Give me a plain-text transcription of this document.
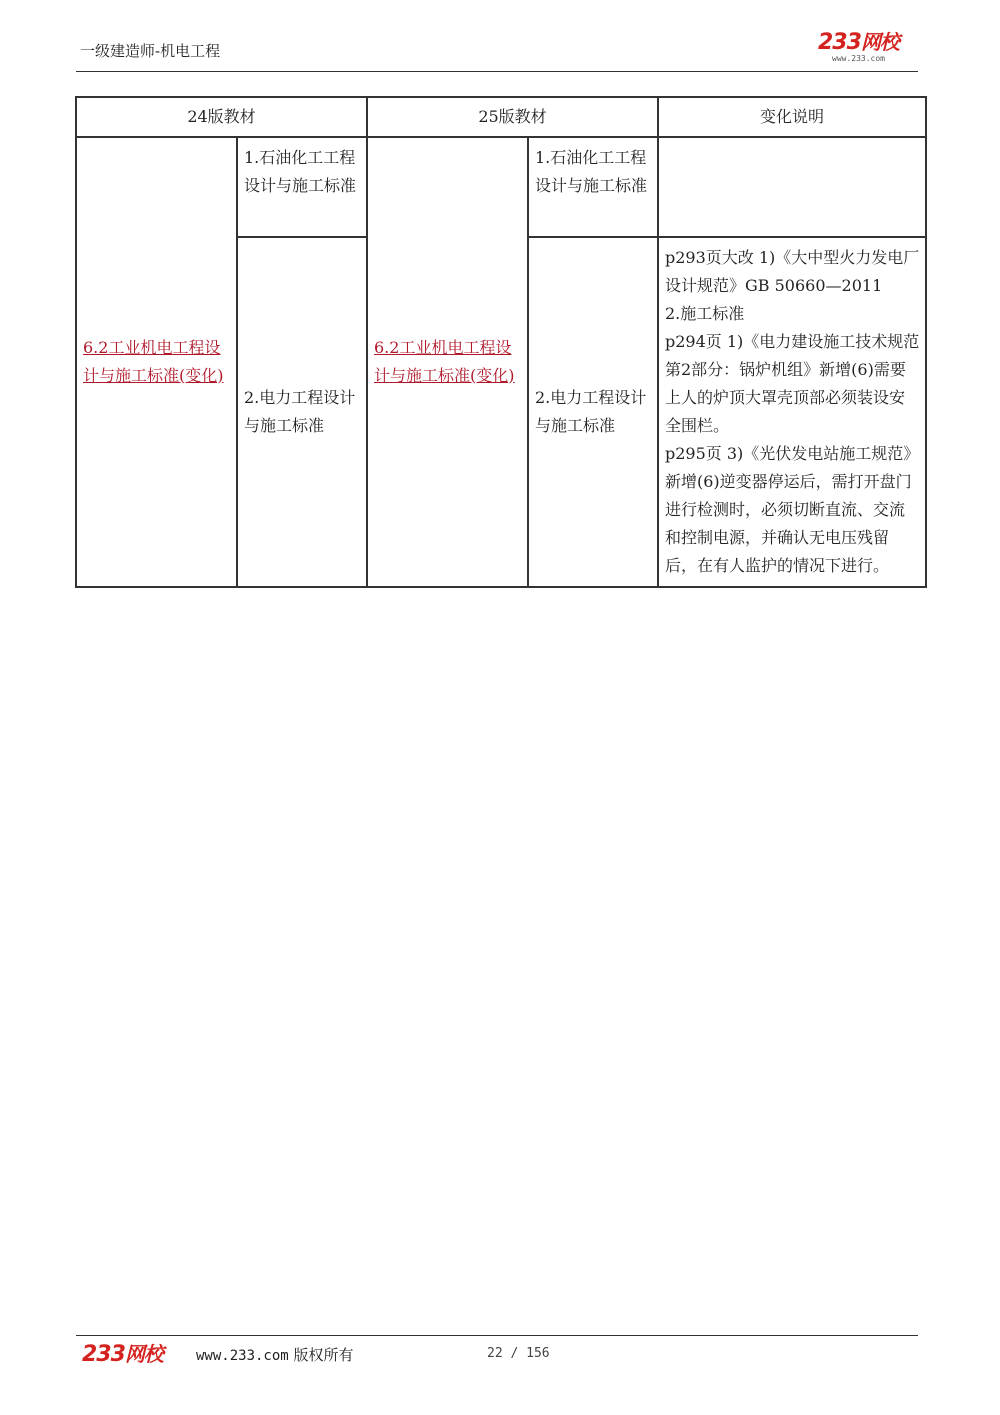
一级建造师-机电工程	233网校
www.233.com
24版教材		25版教材		变化说明
6.2工业机电工程设计与施工标准(变化)	1.石油化工工程设计与施工标准	6.2工业机电工程设计与施工标准(变化)	1.石油化工工程设计与施工标准	
	2.电力工程设计与施工标准		2.电力工程设计与施工标准	p293页大改 1)《大中型火力发电厂设计规范》GB 50660—2011
2.施工标准
p294页 1)《电力建设施工技术规范第2部分：锅炉机组》新增(6)需要上人的炉顶大罩壳顶部必须装设安全围栏。
p295页 3)《光伏发电站施工规范》新增(6)逆变器停运后，需打开盘门进行检测时，必须切断直流、交流和控制电源，并确认无电压残留后，在有人监护的情况下进行。
233网校 www.233.com 版权所有	22 / 156
